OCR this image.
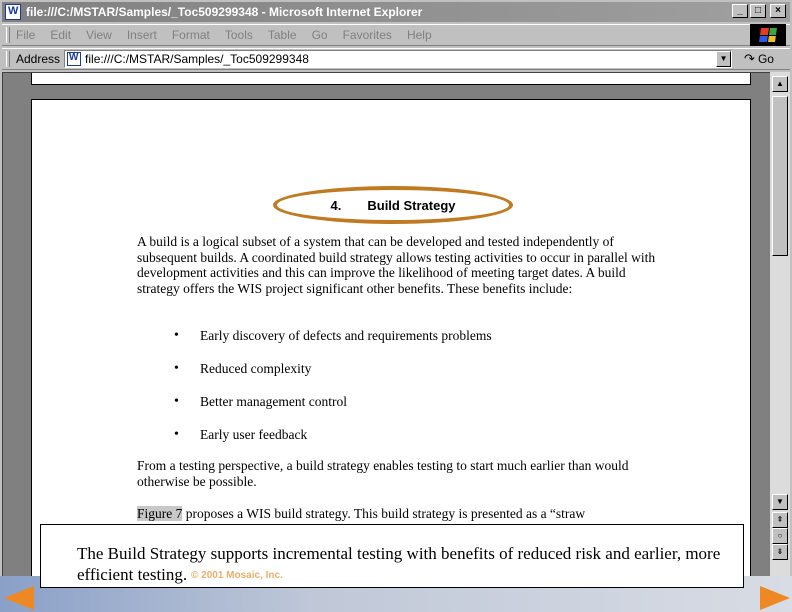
W
file:///C:/MSTAR/Samples/_Toc509299348 - Microsoft Internet Explorer	_	□	×
File Edit View Insert Format Tools Table Go Favorites Help
Address
W file:///C:/MSTAR/Samples/_Toc509299348	▼ ↷ Go
4. Build Strategy
A build is a logical subset of a system that can be developed and tested independently of subsequent builds. A coordinated build strategy allows testing activities to occur in parallel with development activities and this can improve the likelihood of meeting target dates. A build strategy offers the WIS project significant other benefits. These benefits include:
• Early discovery of defects and requirements problems
• Reduced complexity
• Better management control
• Early user feedback
From a testing perspective, a build strategy enables testing to start much earlier than would otherwise be possible.
Figure 7 proposes a WIS build strategy. This build strategy is presented as a “straw
▲
▼
⇞
○
⇟
The Build Strategy supports incremental testing with benefits of reduced risk and earlier, more efficient testing. © 2001 Mosaic, Inc.
